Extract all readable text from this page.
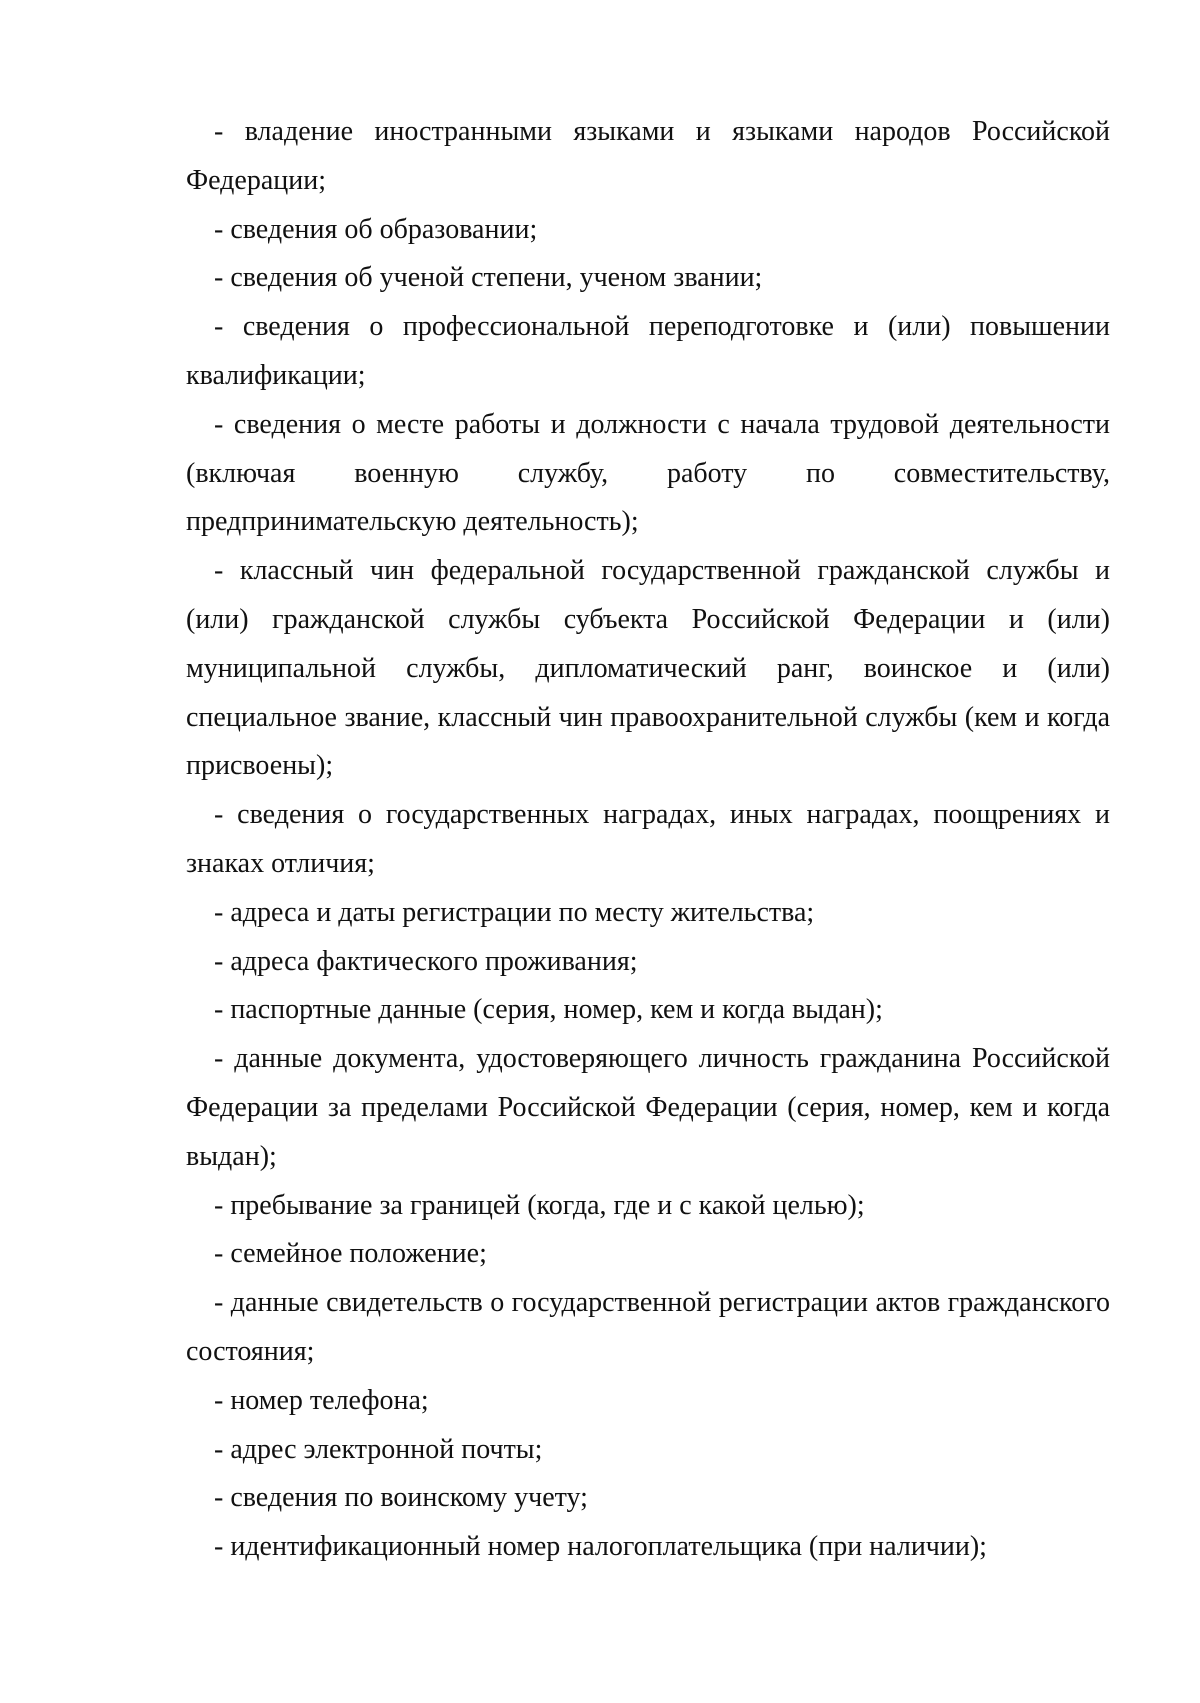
- владение иностранными языками и языками народов Российской Федерации;

- сведения об образовании;

- сведения об ученой степени, ученом звании;

- сведения о профессиональной переподготовке и (или) повышении квалификации;

- сведения о месте работы и должности с начала трудовой деятельности (включая военную службу, работу по совместительству, предпринимательскую деятельность);

- классный чин федеральной государственной гражданской службы и (или) гражданской службы субъекта Российской Федерации и (или) муниципальной службы, дипломатический ранг, воинское и (или) специальное звание, классный чин правоохранительной службы (кем и когда присвоены);

- сведения о государственных наградах, иных наградах, поощрениях и знаках отличия;

- адреса и даты регистрации по месту жительства;

- адреса фактического проживания;

- паспортные данные (серия, номер, кем и когда выдан);

- данные документа, удостоверяющего личность гражданина Российской Федерации за пределами Российской Федерации (серия, номер, кем и когда выдан);

- пребывание за границей (когда, где и с какой целью);

- семейное положение;

- данные свидетельств о государственной регистрации актов гражданского состояния;

- номер телефона;

- адрес электронной почты;

- сведения по воинскому учету;

- идентификационный номер налогоплательщика (при наличии);
